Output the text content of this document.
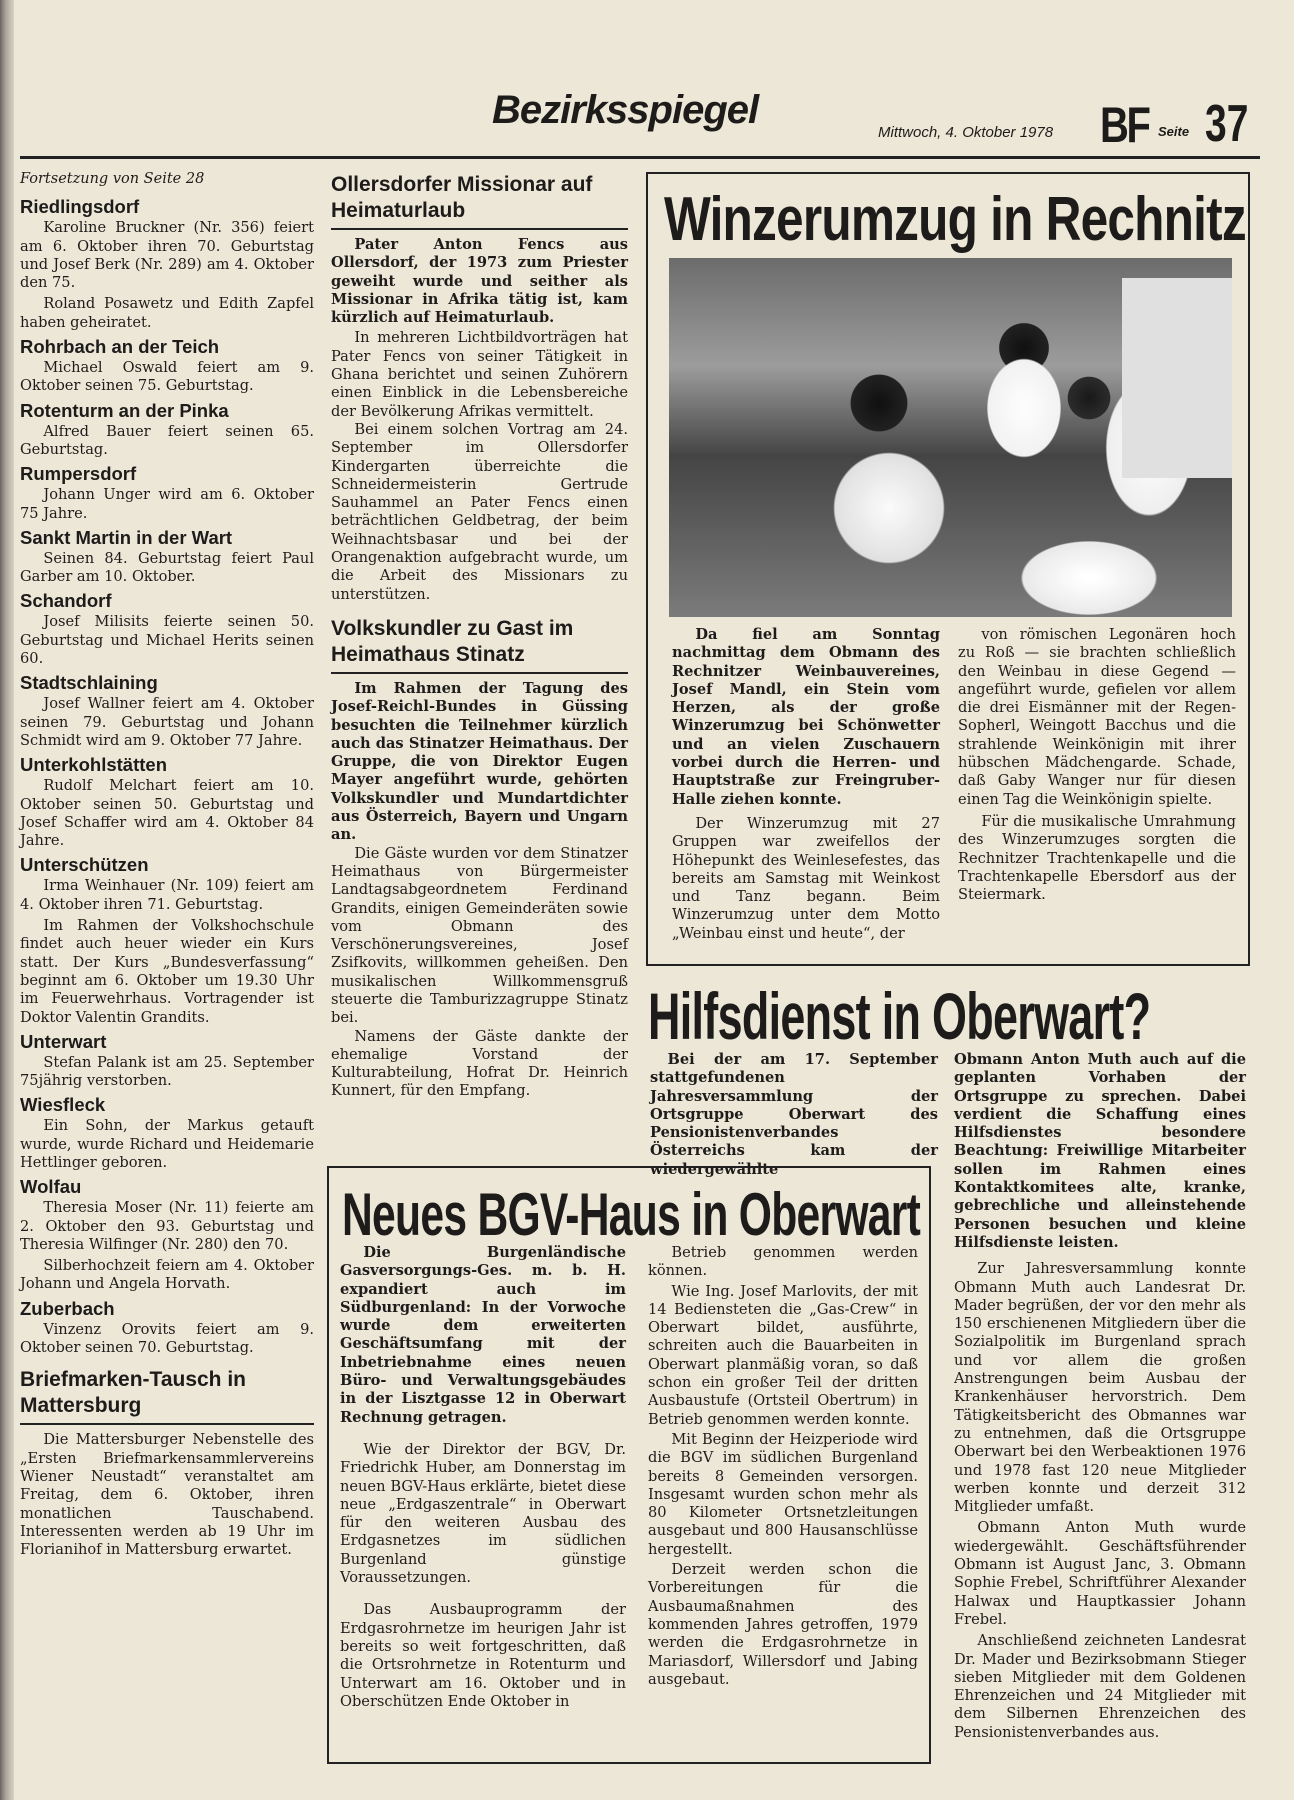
Bezirksspiegel
Mittwoch, 4. Oktober 1978 BF Seite 37
Fortsetzung von Seite 28
Riedlingsdorf

Karoline Bruckner (Nr. 356) feiert am 6. Oktober ihren 70. Geburtstag und Josef Berk (Nr. 289) am 4. Oktober den 75.

Roland Posawetz und Edith Zapfel haben geheiratet.

Rohrbach an der Teich

Michael Oswald feiert am 9. Oktober seinen 75. Geburtstag.

Rotenturm an der Pinka

Alfred Bauer feiert seinen 65. Geburtstag.

Rumpersdorf

Johann Unger wird am 6. Oktober 75 Jahre.

Sankt Martin in der Wart

Seinen 84. Geburtstag feiert Paul Garber am 10. Oktober.

Schandorf

Josef Milisits feierte seinen 50. Geburtstag und Michael Herits seinen 60.

Stadtschlaining

Josef Wallner feiert am 4. Oktober seinen 79. Geburtstag und Johann Schmidt wird am 9. Oktober 77 Jahre.

Unterkohlstätten

Rudolf Melchart feiert am 10. Oktober seinen 50. Geburtstag und Josef Schaffer wird am 4. Oktober 84 Jahre.

Unterschützen

Irma Weinhauer (Nr. 109) feiert am 4. Oktober ihren 71. Geburtstag.

Im Rahmen der Volkshochschule findet auch heuer wieder ein Kurs statt. Der Kurs „Bundesverfassung“ beginnt am 6. Oktober um 19.30 Uhr im Feuerwehrhaus. Vortragender ist Doktor Valentin Grandits.

Unterwart

Stefan Palank ist am 25. September 75jährig verstorben.

Wiesfleck

Ein Sohn, der Markus getauft wurde, wurde Richard und Heidemarie Hettlinger geboren.

Wolfau

Theresia Moser (Nr. 11) feierte am 2. Oktober den 93. Geburtstag und Theresia Wilfinger (Nr. 280) den 70.

Silberhochzeit feiern am 4. Oktober Johann und Angela Horvath.

Zuberbach

Vinzenz Orovits feiert am 9. Oktober seinen 70. Geburtstag.

Briefmarken-Tausch in Mattersburg

Die Mattersburger Nebenstelle des „Ersten Briefmarkensammlervereins Wiener Neustadt“ veranstaltet am Freitag, dem 6. Oktober, ihren monatlichen Tauschabend. Interessenten werden ab 19 Uhr im Florianihof in Mattersburg erwartet.

Ollersdorfer Missionar auf Heimaturlaub

Pater Anton Fencs aus Ollersdorf, der 1973 zum Priester geweiht wurde und seither als Missionar in Afrika tätig ist, kam kürzlich auf Heimaturlaub.

In mehreren Lichtbildvorträgen hat Pater Fencs von seiner Tätigkeit in Ghana berichtet und seinen Zuhörern einen Einblick in die Lebensbereiche der Bevölkerung Afrikas vermittelt.

Bei einem solchen Vortrag am 24. September im Ollersdorfer Kindergarten überreichte die Schneidermeisterin Gertrude Sauhammel an Pater Fencs einen beträchtlichen Geldbetrag, der beim Weihnachtsbasar und bei der Orangenaktion aufgebracht wurde, um die Arbeit des Missionars zu unterstützen.

Volkskundler zu Gast im Heimathaus Stinatz

Im Rahmen der Tagung des Josef-Reichl-Bundes in Güssing besuchten die Teilnehmer kürzlich auch das Stinatzer Heimathaus. Der Gruppe, die von Direktor Eugen Mayer angeführt wurde, gehörten Volkskundler und Mundartdichter aus Österreich, Bayern und Ungarn an.

Die Gäste wurden vor dem Stinatzer Heimathaus von Bürgermeister Landtagsabgeordnetem Ferdinand Grandits, einigen Gemeinderäten sowie vom Obmann des Verschönerungsvereines, Josef Zsifkovits, willkommen geheißen. Den musikalischen Willkommensgruß steuerte die Tamburizzagruppe Stinatz bei.

Namens der Gäste dankte der ehemalige Vorstand der Kulturabteilung, Hofrat Dr. Heinrich Kunnert, für den Empfang.

Winzerumzug in Rechnitz

Da fiel am Sonntag nachmittag dem Obmann des Rechnitzer Weinbauvereines, Josef Mandl, ein Stein vom Herzen, als der große Winzerumzug bei Schönwetter und an vielen Zuschauern vorbei durch die Herren- und Hauptstraße zur Freingruber-Halle ziehen konnte.

Der Winzerumzug mit 27 Gruppen war zweifellos der Höhepunkt des Weinlesefestes, das bereits am Samstag mit Weinkost und Tanz begann. Beim Winzerumzug unter dem Motto „Weinbau einst und heute“, der

von römischen Legonären hoch zu Roß — sie brachten schließlich den Weinbau in diese Gegend — angeführt wurde, gefielen vor allem die drei Eismänner mit der Regen-Sopherl, Weingott Bacchus und die strahlende Weinkönigin mit ihrer hübschen Mädchengarde. Schade, daß Gaby Wanger nur für diesen einen Tag die Weinkönigin spielte.

Für die musikalische Umrahmung des Winzerumzuges sorgten die Rechnitzer Trachtenkapelle und die Trachtenkapelle Ebersdorf aus der Steiermark.

Hilfsdienst in Oberwart?

Bei der am 17. September stattgefundenen Jahresversammlung der Ortsgruppe Oberwart des Pensionistenverbandes Österreichs kam der wiedergewählte

Obmann Anton Muth auch auf die geplanten Vorhaben der Ortsgruppe zu sprechen. Dabei verdient die Schaffung eines Hilfsdienstes besondere Beachtung: Freiwillige Mitarbeiter sollen im Rahmen eines Kontaktkomitees alte, kranke, gebrechliche und alleinstehende Personen besuchen und kleine Hilfsdienste leisten.

Zur Jahresversammlung konnte Obmann Muth auch Landesrat Dr. Mader begrüßen, der vor den mehr als 150 erschienenen Mitgliedern über die Sozialpolitik im Burgenland sprach und vor allem die großen Anstrengungen beim Ausbau der Krankenhäuser hervorstrich. Dem Tätigkeitsbericht des Obmannes war zu entnehmen, daß die Ortsgruppe Oberwart bei den Werbeaktionen 1976 und 1978 fast 120 neue Mitglieder werben konnte und derzeit 312 Mitglieder umfaßt.

Obmann Anton Muth wurde wiedergewählt. Geschäftsführender Obmann ist August Janc, 3. Obmann Sophie Frebel, Schriftführer Alexander Halwax und Hauptkassier Johann Frebel.

Anschließend zeichneten Landesrat Dr. Mader und Bezirksobmann Stieger sieben Mitglieder mit dem Goldenen Ehrenzeichen und 24 Mitglieder mit dem Silbernen Ehrenzeichen des Pensionistenverbandes aus.

Neues BGV-Haus in Oberwart

Die Burgenländische Gasversorgungs-Ges. m. b. H. expandiert auch im Südburgenland: In der Vorwoche wurde dem erweiterten Geschäftsumfang mit der Inbetriebnahme eines neuen Büro- und Verwaltungsgebäudes in der Lisztgasse 12 in Oberwart Rechnung getragen.

Wie der Direktor der BGV, Dr. Friedrichk Huber, am Donnerstag im neuen BGV-Haus erklärte, bietet diese neue „Erdgaszentrale“ in Oberwart für den weiteren Ausbau des Erdgasnetzes im südlichen Burgenland günstige Voraussetzungen.

Das Ausbauprogramm der Erdgasrohrnetze im heurigen Jahr ist bereits so weit fortgeschritten, daß die Ortsrohrnetze in Rotenturm und Unterwart am 16. Oktober und in Oberschützen Ende Oktober in

Betrieb genommen werden können.

Wie Ing. Josef Marlovits, der mit 14 Bediensteten die „Gas-Crew“ in Oberwart bildet, ausführte, schreiten auch die Bauarbeiten in Oberwart planmäßig voran, so daß schon ein großer Teil der dritten Ausbaustufe (Ortsteil Obertrum) in Betrieb genommen werden konnte.

Mit Beginn der Heizperiode wird die BGV im südlichen Burgenland bereits 8 Gemeinden versorgen. Insgesamt wurden schon mehr als 80 Kilometer Ortsnetzleitungen ausgebaut und 800 Hausanschlüsse hergestellt.

Derzeit werden schon die Vorbereitungen für die Ausbaumaßnahmen des kommenden Jahres getroffen, 1979 werden die Erdgasrohrnetze in Mariasdorf, Willersdorf und Jabing ausgebaut.
